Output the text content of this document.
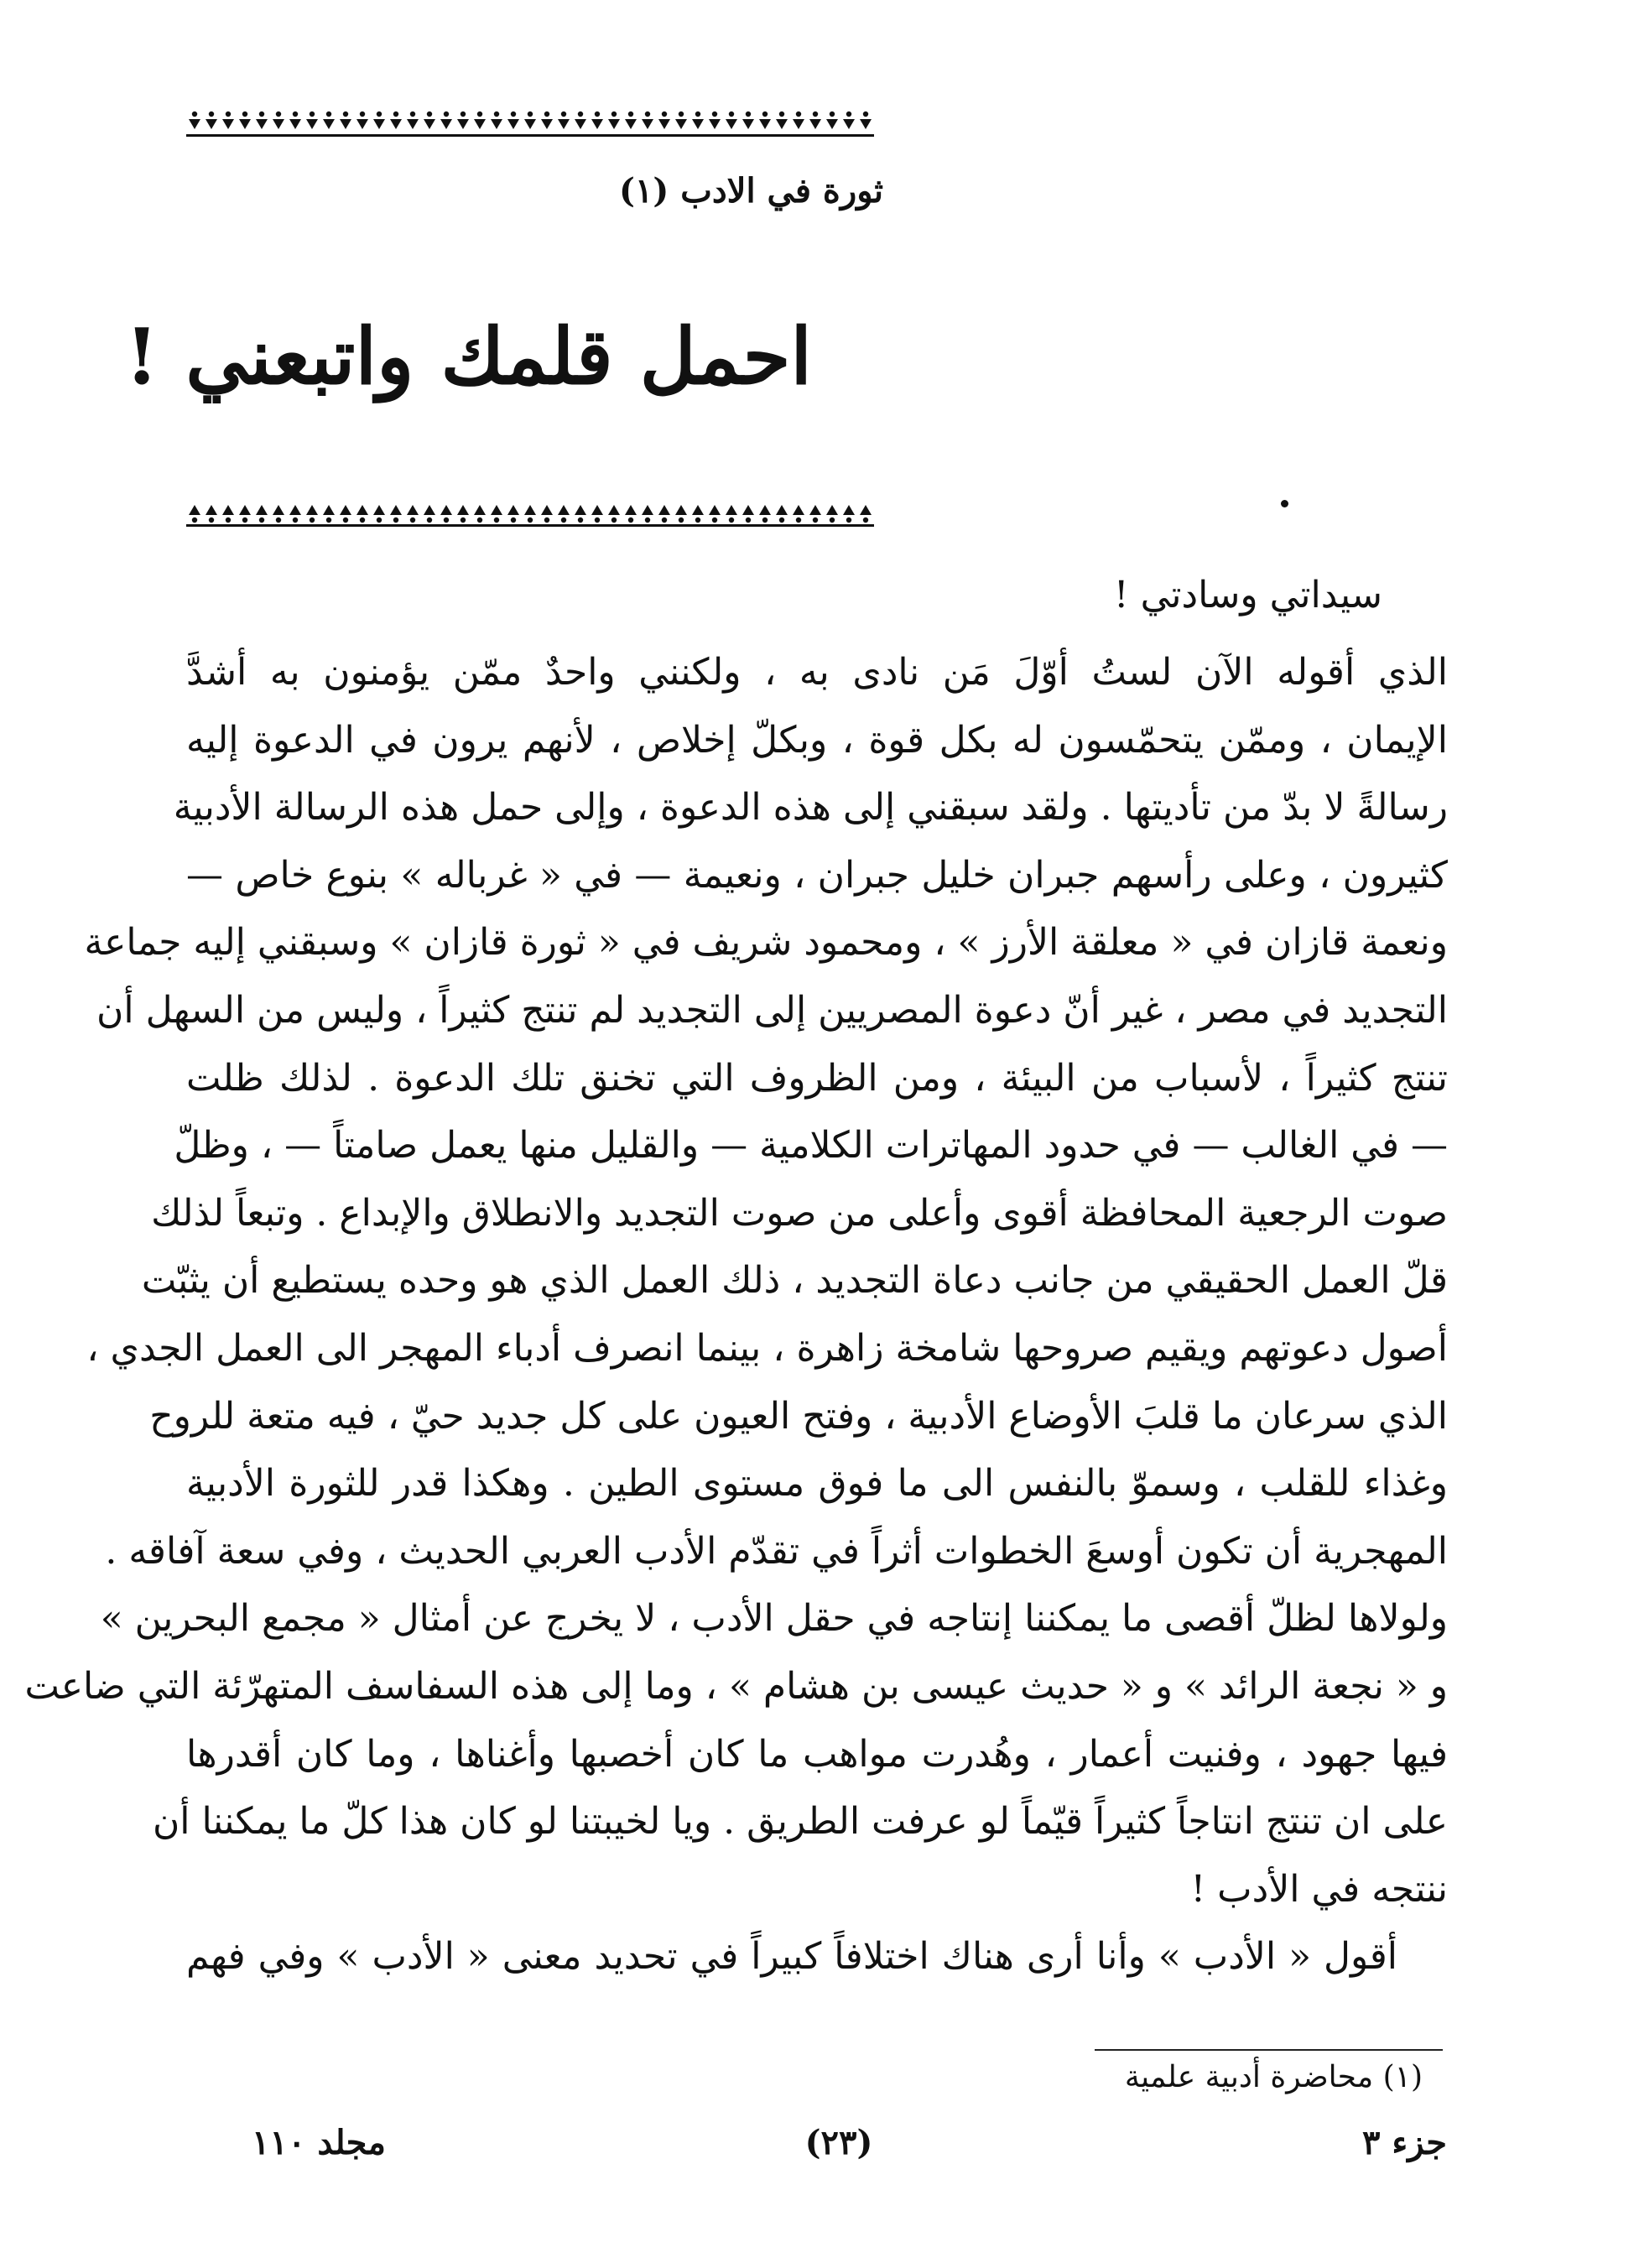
ثورة في الادب (١)
احمل قلمك واتبعني !
سيداتي وسادتي !
الذي أقوله الآن لستُ أوّلَ مَن نادى به ، ولكنني واحدٌ ممّن يؤمنون به أشدَّ
الإيمان ، وممّن يتحمّسون له بكل قوة ، وبكلّ إخلاص ، لأنهم يرون في الدعوة إليه
رسالةً لا بدّ من تأديتها . ولقد سبقني إلى هذه الدعوة ، وإلى حمل هذه الرسالة الأدبية
كثيرون ، وعلى رأسهم جبران خليل جبران ، ونعيمة — في « غرباله » بنوع خاص —
ونعمة قازان في « معلقة الأرز » ، ومحمود شريف في « ثورة قازان » وسبقني إليه جماعة
التجديد في مصر ، غير أنّ دعوة المصريين إلى التجديد لم تنتج كثيراً ، وليس من السهل أن
تنتج كثيراً ، لأسباب من البيئة ، ومن الظروف التي تخنق تلك الدعوة . لذلك ظلت
— في الغالب — في حدود المهاترات الكلامية — والقليل منها يعمل صامتاً — ، وظلّ
صوت الرجعية المحافظة أقوى وأعلى من صوت التجديد والانطلاق والإبداع . وتبعاً لذلك
قلّ العمل الحقيقي من جانب دعاة التجديد ، ذلك العمل الذي هو وحده يستطيع أن يثبّت
أصول دعوتهم ويقيم صروحها شامخة زاهرة ، بينما انصرف أدباء المهجر الى العمل الجدي ،
الذي سرعان ما قلبَ الأوضاع الأدبية ، وفتح العيون على كل جديد حيّ ، فيه متعة للروح
وغذاء للقلب ، وسموّ بالنفس الى ما فوق مستوى الطين . وهكذا قدر للثورة الأدبية
المهجرية أن تكون أوسعَ الخطوات أثراً في تقدّم الأدب العربي الحديث ، وفي سعة آفاقه .
ولولاها لظلّ أقصى ما يمكننا إنتاجه في حقل الأدب ، لا يخرج عن أمثال « مجمع البحرين »
و « نجعة الرائد » و « حديث عيسى بن هشام » ، وما إلى هذه السفاسف المتهرّئة التي ضاعت
فيها جهود ، وفنيت أعمار ، وهُدرت مواهب ما كان أخصبها وأغناها ، وما كان أقدرها
على ان تنتج انتاجاً كثيراً قيّماً لو عرفت الطريق . ويا لخيبتنا لو كان هذا كلّ ما يمكننا أن
ننتجه في الأدب !
أقول « الأدب » وأنا أرى هناك اختلافاً كبيراً في تحديد معنى « الأدب » وفي فهم
(١) محاضرة أدبية علمية
جزء ٣
(٢٣)
مجلد ١١٠
